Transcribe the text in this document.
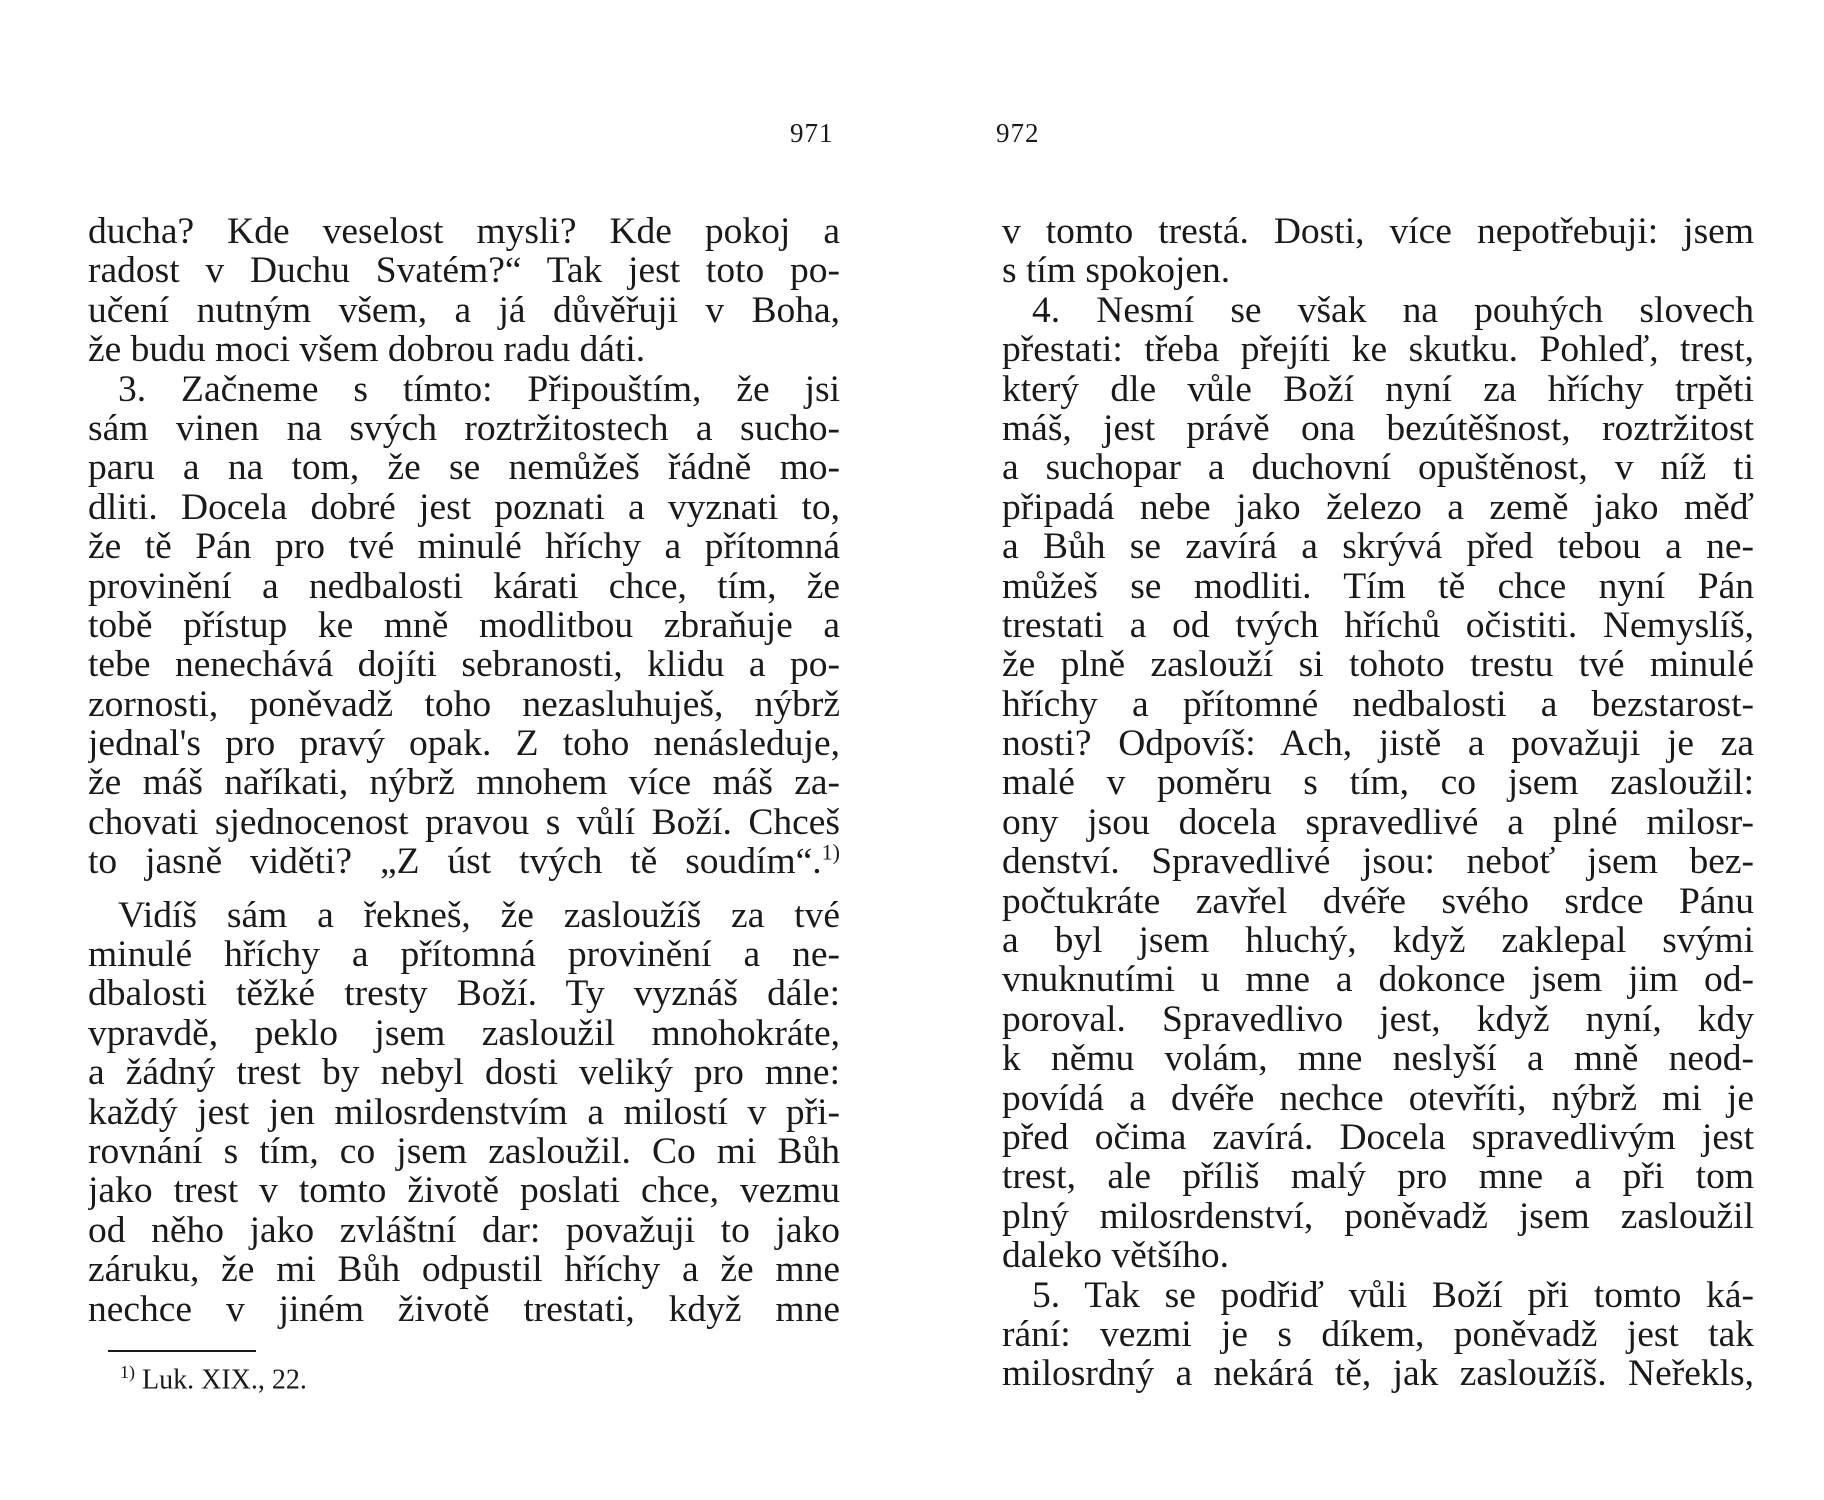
971	972
ducha? Kde veselost mysli? Kde pokoj a
radost v Duchu Svatém?“ Tak jest toto po-
učení nutným všem, a já důvěřuji v Boha,
že budu moci všem dobrou radu dáti.
3. Začneme s tímto: Připouštím, že jsi
sám vinen na svých roztržitostech a sucho-
paru a na tom, že se nemůžeš řádně mo-
dliti. Docela dobré jest poznati a vyznati to,
že tě Pán pro tvé minulé hříchy a přítomná
provinění a nedbalosti kárati chce, tím, že
tobě přístup ke mně modlitbou zbraňuje a
tebe nenechává dojíti sebranosti, klidu a po-
zornosti, poněvadž toho nezasluhuješ, nýbrž
jednal's pro pravý opak. Z toho nenásleduje,
že máš naříkati, nýbrž mnohem více máš za-
chovati sjednocenost pravou s vůlí Boží. Chceš
to jasně viděti? „Z úst tvých tě soudím“.$^{1)}$
Vidíš sám a řekneš, že zasloužíš za tvé
minulé hříchy a přítomná provinění a ne-
dbalosti těžké tresty Boží. Ty vyznáš dále:
vpravdě, peklo jsem zasloužil mnohokráte,
a žádný trest by nebyl dosti veliký pro mne:
každý jest jen milosrdenstvím a milostí v při-
rovnání s tím, co jsem zasloužil. Co mi Bůh
jako trest v tomto životě poslati chce, vezmu
od něho jako zvláštní dar: považuji to jako
záruku, že mi Bůh odpustil hříchy a že mne
nechce v jiném životě trestati, když mne
v tomto trestá. Dosti, více nepotřebuji: jsem
s tím spokojen.
4. Nesmí se však na pouhých slovech
přestati: třeba přejíti ke skutku. Pohleď, trest,
který dle vůle Boží nyní za hříchy trpěti
máš, jest právě ona bezútěšnost, roztržitost
a suchopar a duchovní opuštěnost, v níž ti
připadá nebe jako železo a země jako měď
a Bůh se zavírá a skrývá před tebou a ne-
můžeš se modliti. Tím tě chce nyní Pán
trestati a od tvých hříchů očistiti. Nemyslíš,
že plně zaslouží si tohoto trestu tvé minulé
hříchy a přítomné nedbalosti a bezstarost-
nosti? Odpovíš: Ach, jistě a považuji je za
malé v poměru s tím, co jsem zasloužil:
ony jsou docela spravedlivé a plné milosr-
denství. Spravedlivé jsou: neboť jsem bez-
počtukráte zavřel dvéře svého srdce Pánu
a byl jsem hluchý, když zaklepal svými
vnuknutími u mne a dokonce jsem jim od-
poroval. Spravedlivo jest, když nyní, kdy
k němu volám, mne neslyší a mně neod-
povídá a dvéře nechce otevříti, nýbrž mi je
před očima zavírá. Docela spravedlivým jest
trest, ale příliš malý pro mne a při tom
plný milosrdenství, poněvadž jsem zasloužil
daleko většího.
5. Tak se podřiď vůli Boží při tomto ká-
rání: vezmi je s díkem, poněvadž jest tak
milosrdný a nekárá tě, jak zasloužíš. Neřekls,
$^{1)}$ Luk. XIX., 22.
